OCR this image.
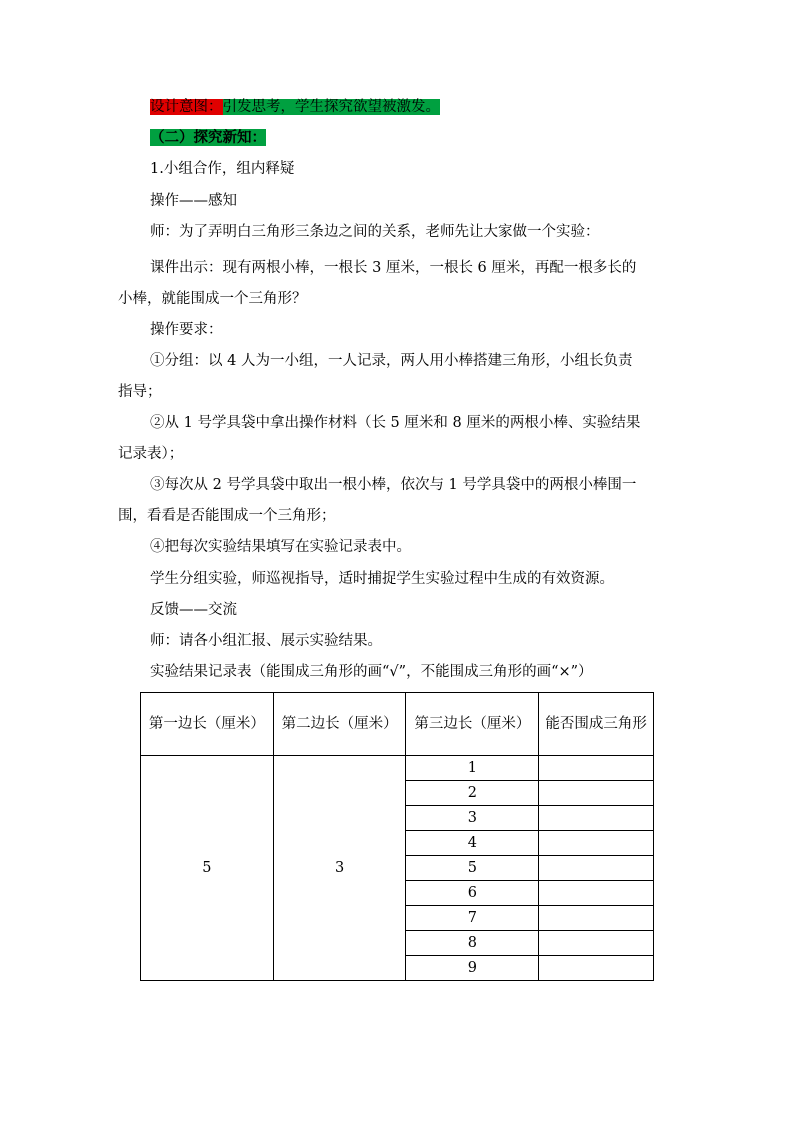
设计意图：引发思考，学生探究欲望被激发。
（二）探究新知：
1.小组合作，组内释疑
操作——感知
师：为了弄明白三角形三条边之间的关系，老师先让大家做一个实验：
课件出示：现有两根小棒，一根长 3 厘米，一根长 6 厘米，再配一根多长的
小棒，就能围成一个三角形？
操作要求：
①分组：以 4 人为一小组，一人记录，两人用小棒搭建三角形，小组长负责
指导；
②从 1 号学具袋中拿出操作材料（长 5 厘米和 8 厘米的两根小棒、实验结果
记录表）；
③每次从 2 号学具袋中取出一根小棒，依次与 1 号学具袋中的两根小棒围一
围，看看是否能围成一个三角形；
④把每次实验结果填写在实验记录表中。
学生分组实验，师巡视指导，适时捕捉学生实验过程中生成的有效资源。
反馈——交流
师：请各小组汇报、展示实验结果。
实验结果记录表（能围成三角形的画“√”，不能围成三角形的画“×”）
第一边长（厘米）	第二边长（厘米）	第三边长（厘米）	能否围成三角形
5	3	1	
		2	
		3	
		4	
		5	
		6	
		7	
		8	
		9	
